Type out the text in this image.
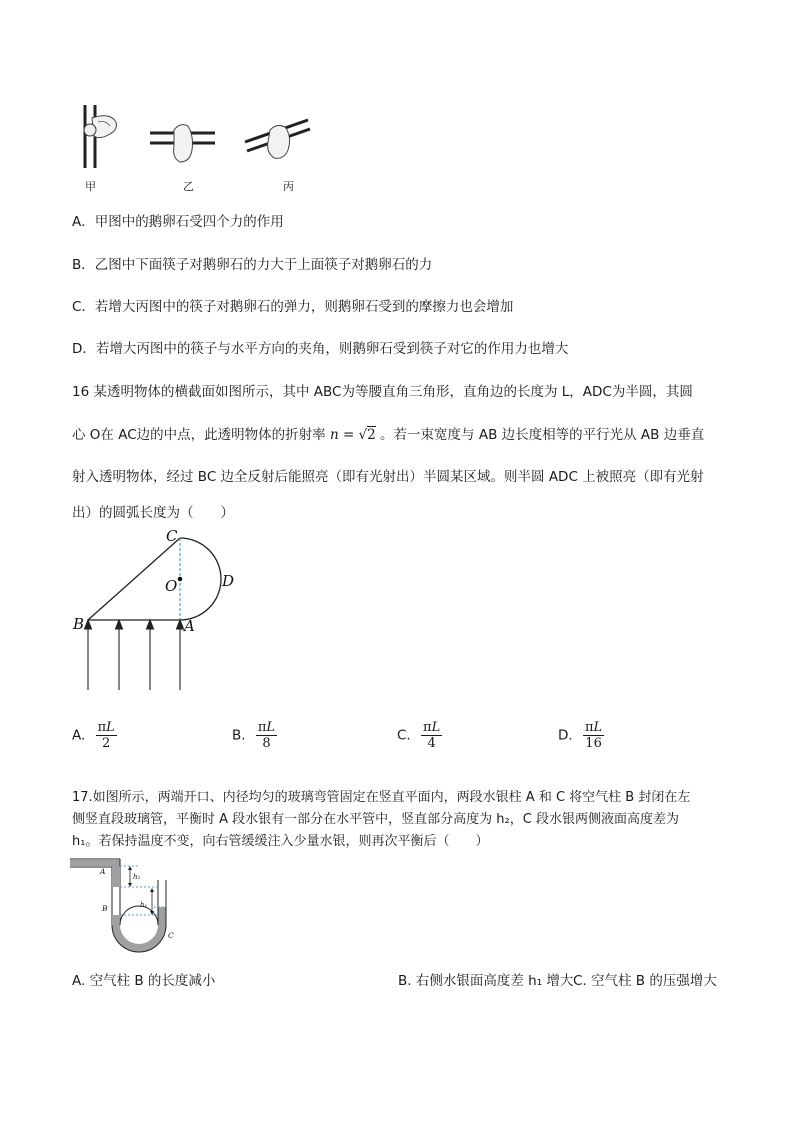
甲	乙	丙
A．甲图中的鹅卵石受四个力的作用
B．乙图中下面筷子对鹅卵石的力大于上面筷子对鹅卵石的力
C．若增大丙图中的筷子对鹅卵石的弹力，则鹅卵石受到的摩擦力也会增加
D．若增大丙图中的筷子与水平方向的夹角，则鹅卵石受到筷子对它的作用力也增大
16 某透明物体的横截面如图所示，其中 ABC为等腰直角三角形，直角边的长度为 L，ADC为半圆，其圆
心 O在 AC边的中点，此透明物体的折射率 n = √2 。若一束宽度与 AB 边长度相等的平行光从 AB 边垂直
射入透明物体，经过 BC 边全反射后能照亮（即有光射出）半圆某区域。则半圆 ADC 上被照亮（即有光射
出）的圆弧长度为（　　）
C
O	D
B	A
A. $\frac{\pi L}{2}$	B. $\frac{\pi L}{8}$	C. $\frac{\pi L}{4}$	D. $\frac{\pi L}{16}$
17.如图所示，两端开口、内径均匀的玻璃弯管固定在竖直平面内，两段水银柱 A 和 C 将空气柱 B 封闭在左
侧竖直段玻璃管，平衡时 A 段水银有一部分在水平管中，竖直部分高度为 h₂，C 段水银两侧液面高度差为
h₁。若保持温度不变，向右管缓缓注入少量水银，则再次平衡后（　　）
A
B
C
h₂
h₁
A. 空气柱 B 的长度减小	B. 右侧水银面高度差 h₁ 增大 C. 空气柱 B 的压强增大
